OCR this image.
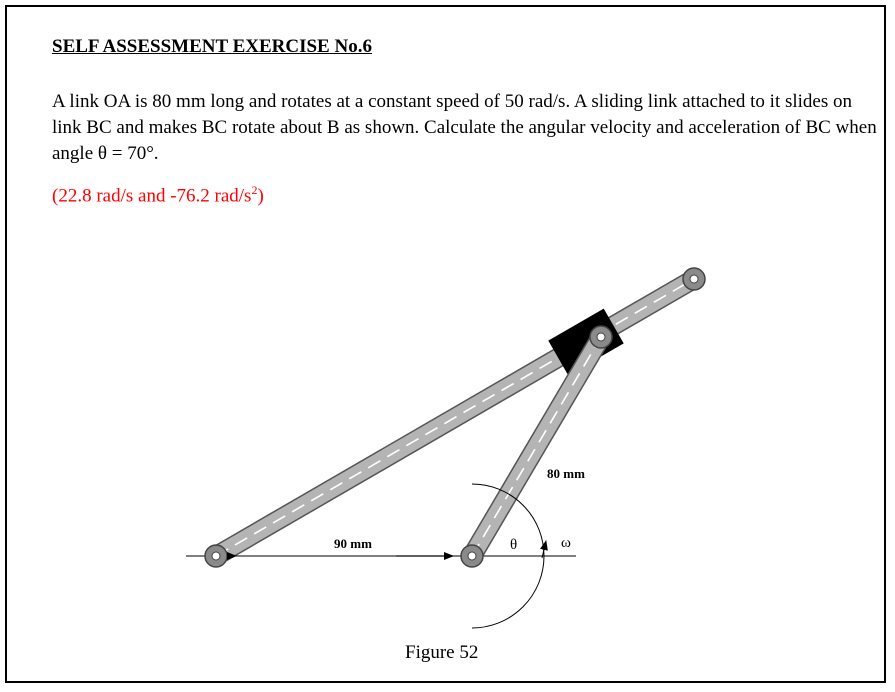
SELF ASSESSMENT EXERCISE No.6
A link OA is 80 mm long and rotates at a constant speed of 50 rad/s. A sliding link attached to it slides on link BC and makes BC rotate about B as shown. Calculate the angular velocity and acceleration of BC when angle θ = 70°.
(22.8 rad/s and -76.2 rad/$s^2$)
90 mm	ω
θ
80 mm
Figure 52
